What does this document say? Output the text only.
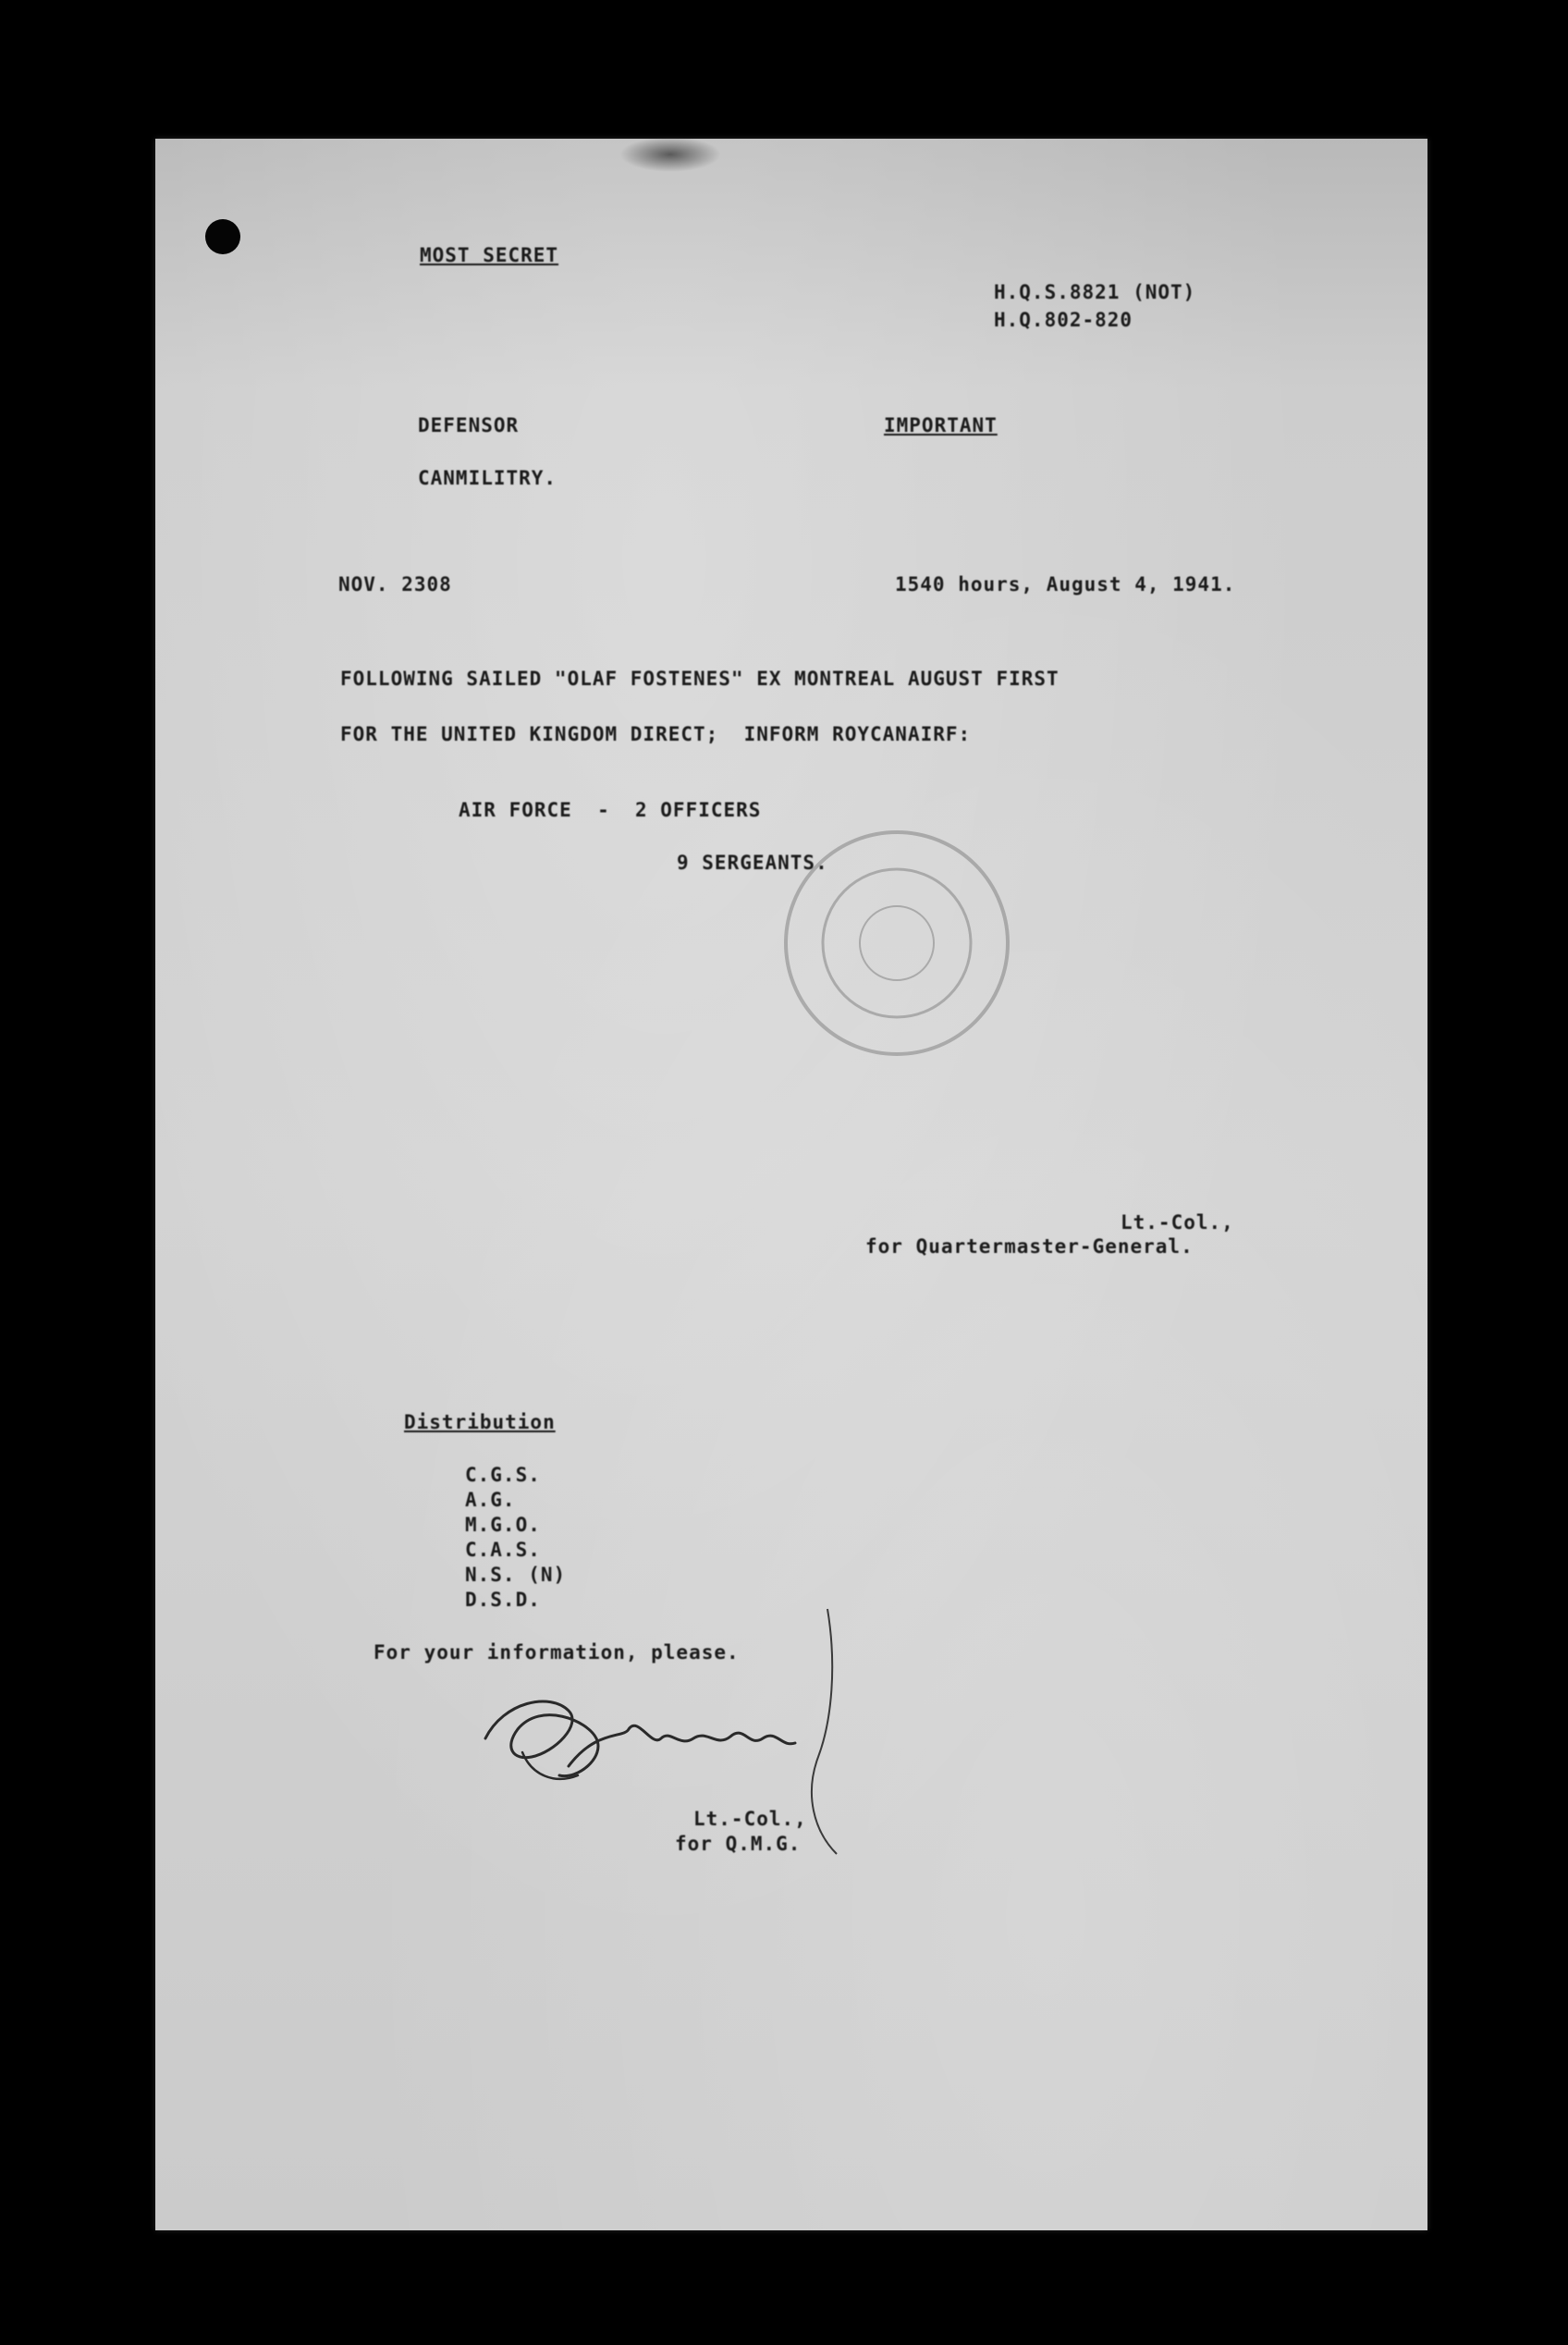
MOST SECRET
H.Q.S.8821 (NOT)
H.Q.802-820
DEFENSOR	IMPORTANT
CANMILITRY.
NOV. 2308	1540 hours, August 4, 1941.
FOLLOWING SAILED "OLAF FOSTENES" EX MONTREAL AUGUST FIRST
FOR THE UNITED KINGDOM DIRECT;  INFORM ROYCANAIRF:
AIR FORCE  -  2 OFFICERS
9 SERGEANTS.
Lt.-Col.,
for Quartermaster-General.
Distribution
C.G.S.
A.G.
M.G.O.
C.A.S.
N.S. (N)
D.S.D.
For your information, please.
Lt.-Col.,
for Q.M.G.
